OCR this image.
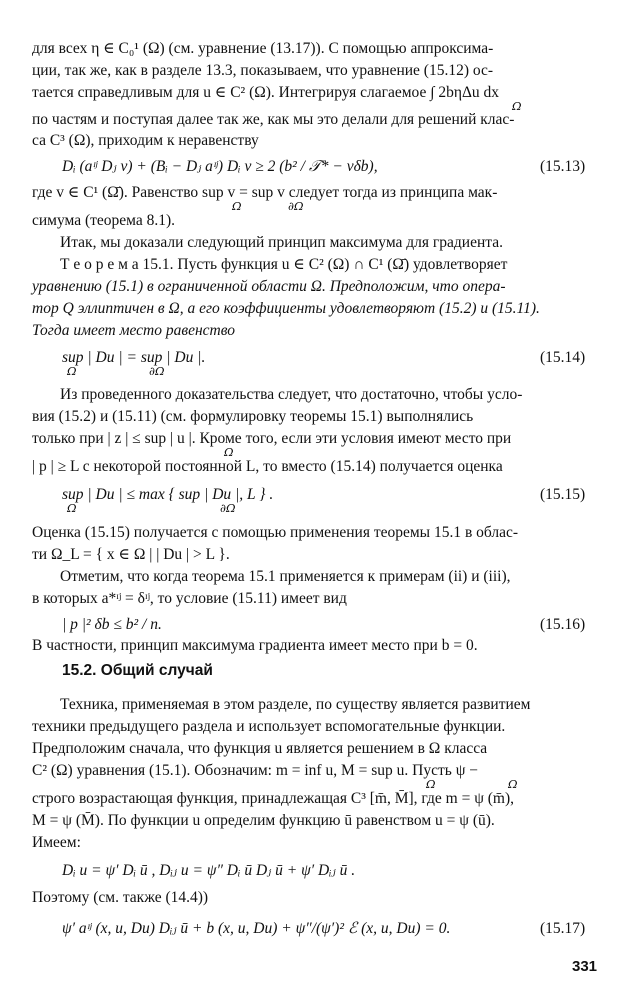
для всех η ∈ C₀¹ (Ω) (см. уравнение (13.17)). С помощью аппроксима-
ции, так же, как в разделе 13.3, показываем, что уравнение (15.12) ос-
тается справедливым для u ∈ C² (Ω). Интегрируя слагаемое ∫ 2bηΔu dx
Ω
по частям и поступая далее так же, как мы это делали для решений клас-
са C³ (Ω), приходим к неравенству
Dᵢ (aᶦʲ Dⱼ v) + (Bᵢ − Dⱼ aᶦʲ) Dᵢ v ≥ 2 (b² / 𝒯* − vδb),	(15.13)
где v ∈ C¹ (Ω̄). Равенство sup v = sup v следует тогда из принципа мак-
Ω	∂Ω
симума (теорема 8.1).
Итак, мы доказали следующий принцип максимума для градиента.
Т е о р е м а 15.1. Пусть функция u ∈ C² (Ω) ∩ C¹ (Ω̄) удовлетворяет
уравнению (15.1) в ограниченной области Ω. Предположим, что опера-
тор Q эллиптичен в Ω, а его коэффициенты удовлетворяют (15.2) и (15.11).
Тогда имеет место равенство
sup | Du | = sup | Du |.	(15.14)
Ω	∂Ω
Из проведенного доказательства следует, что достаточно, чтобы усло-
вия (15.2) и (15.11) (см. формулировку теоремы 15.1) выполнялись
только при | z | ≤ sup | u |. Кроме того, если эти условия имеют место при
Ω
| p | ≥ L с некоторой постоянной L, то вместо (15.14) получается оценка
sup | Du | ≤ max { sup | Du |, L } .	(15.15)
Ω	∂Ω
Оценка (15.15) получается с помощью применения теоремы 15.1 в облас-
ти Ω_L = { x ∈ Ω | | Du | > L }.
Отметим, что когда теорема 15.1 применяется к примерам (ii) и (iii),
в которых a*ᶦʲ = δᶦʲ, то условие (15.11) имеет вид
| p |² δb ≤ b² / n.	(15.16)
В частности, принцип максимума градиента имеет место при b = 0.
15.2. Общий случай
Техника, применяемая в этом разделе, по существу является развитием
техники предыдущего раздела и использует вспомогательные функции.
Предположим сначала, что функция u является решением в Ω класса
C² (Ω) уравнения (15.1). Обозначим: m = inf u, M = sup u. Пусть ψ −
Ω	Ω
строго возрастающая функция, принадлежащая C³ [m̄, M̄], где m = ψ (m̄),
M = ψ (M̄). По функции u определим функцию ū равенством u = ψ (ū).
Имеем:
Dᵢ u = ψ′ Dᵢ ū , Dᵢⱼ u = ψ″ Dᵢ ū Dⱼ ū + ψ′ Dᵢⱼ ū .
Поэтому (см. также (14.4))
ψ′ aᶦʲ (x, u, Du) Dᵢⱼ ū + b (x, u, Du) + ψ″/(ψ′)² ℰ (x, u, Du) = 0.	(15.17)
331
